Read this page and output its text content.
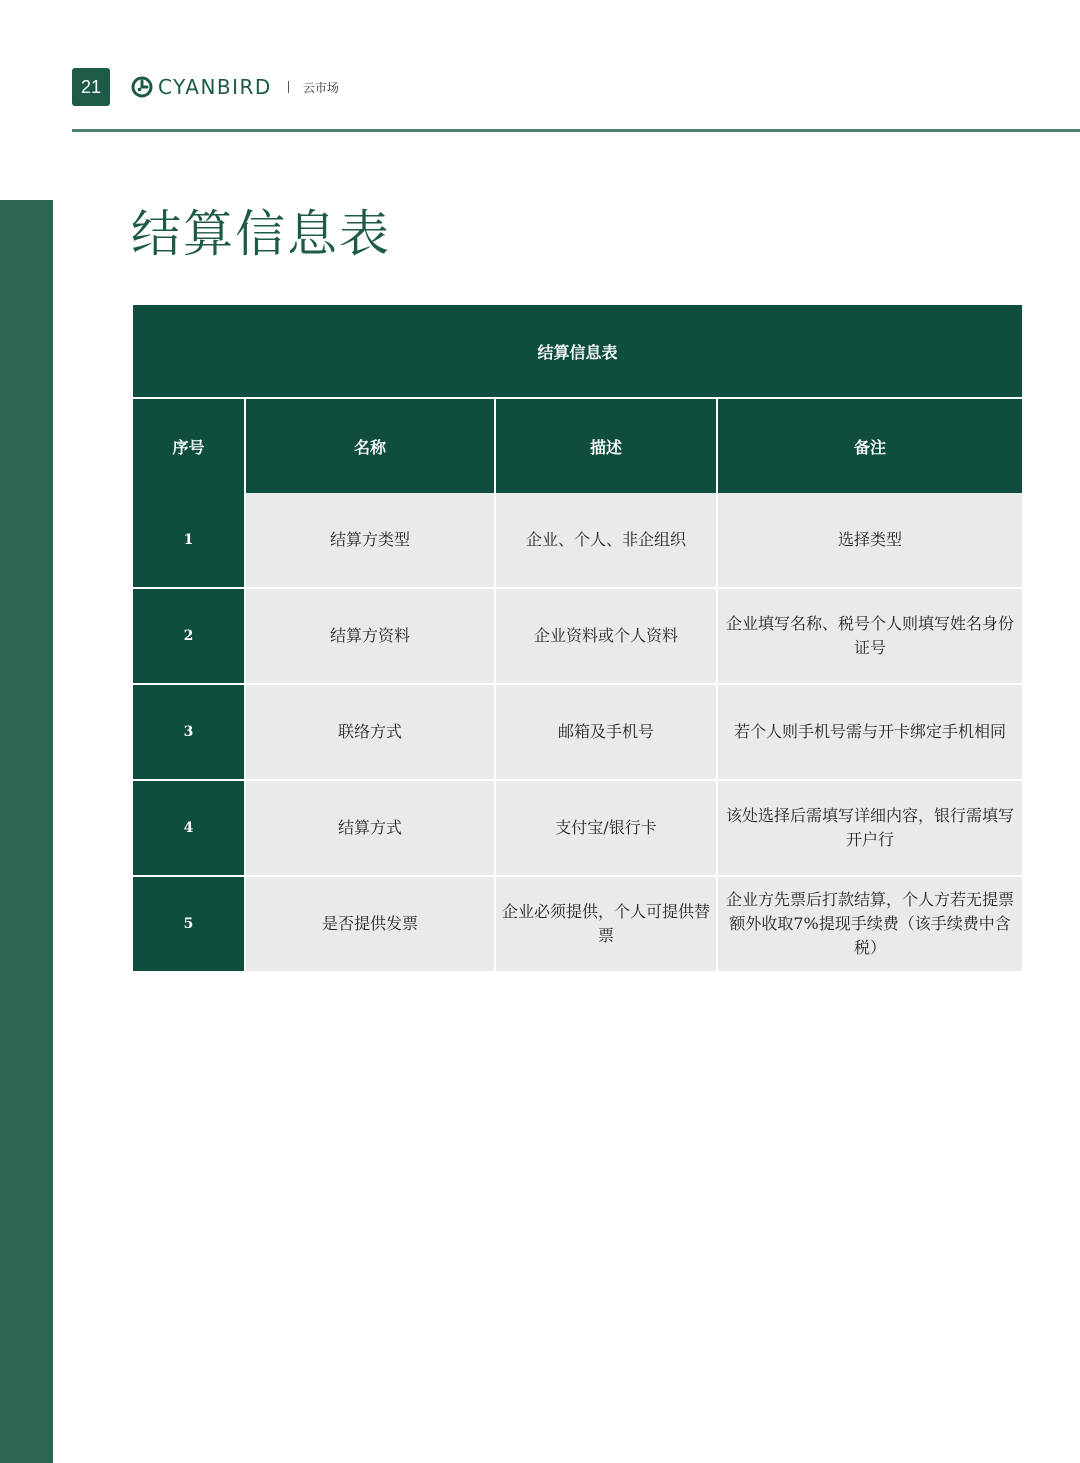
21	CYANBIRD	云市场
结算信息表
结算信息表			
序号	名称	描述	备注
1	结算方类型	企业、个人、非企组织	选择类型
2	结算方资料	企业资料或个人资料	企业填写名称、税号个人则填写姓名身份证号
3	联络方式	邮箱及手机号	若个人则手机号需与开卡绑定手机相同
4	结算方式	支付宝/银行卡	该处选择后需填写详细内容，银行需填写开户行
5	是否提供发票	企业必须提供，个人可提供替票	企业方先票后打款结算，个人方若无提票额外收取7%提现手续费（该手续费中含税）
